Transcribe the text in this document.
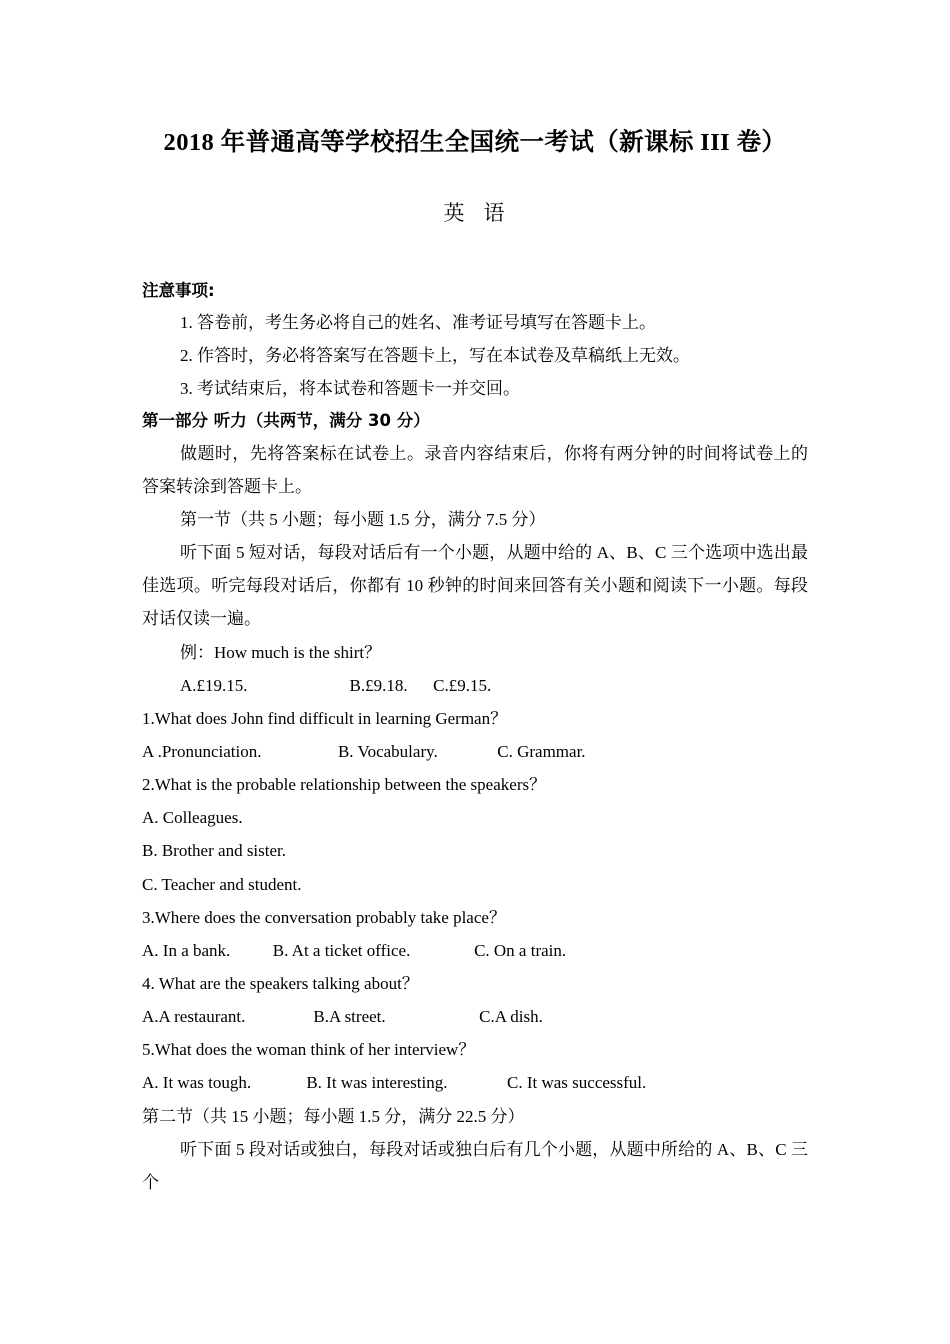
2018 年普通高等学校招生全国统一考试（新课标 III 卷）
英 语

注意事项:

1. 答卷前，考生务必将自己的姓名、准考证号填写在答题卡上。

2. 作答时，务必将答案写在答题卡上，写在本试卷及草稿纸上无效。

3. 考试结束后，将本试卷和答题卡一并交回。

第一部分 听力（共两节，满分 30 分）

做题时，先将答案标在试卷上。录音内容结束后，你将有两分钟的时间将试卷上的答案转涂到答题卡上。

第一节（共 5 小题；每小题 1.5 分，满分 7.5 分）

听下面 5 短对话，每段对话后有一个小题，从题中给的 A、B、C 三个选项中选出最佳选项。听完每段对话后，你都有 10 秒钟的时间来回答有关小题和阅读下一小题。每段对话仅读一遍。

例：How much is the shirt？

A.£19.15.                        B.£9.18.      C.£9.15.

1.What does John find difficult in learning German？

A .Pronunciation.                  B. Vocabulary.              C. Grammar.

2.What is the probable relationship between the speakers？

A. Colleagues.

B. Brother and sister.

C. Teacher and student.

3.Where does the conversation probably take place？

A. In a bank.          B. At a ticket office.               C. On a train.

4. What are the speakers talking about？

A.A restaurant.                B.A street.                      C.A dish.

5.What does the woman think of her interview？

A. It was tough.             B. It was interesting.              C. It was successful.

第二节（共 15 小题；每小题 1.5 分，满分 22.5 分）

听下面 5 段对话或独白，每段对话或独白后有几个小题，从题中所给的 A、B、C 三个
